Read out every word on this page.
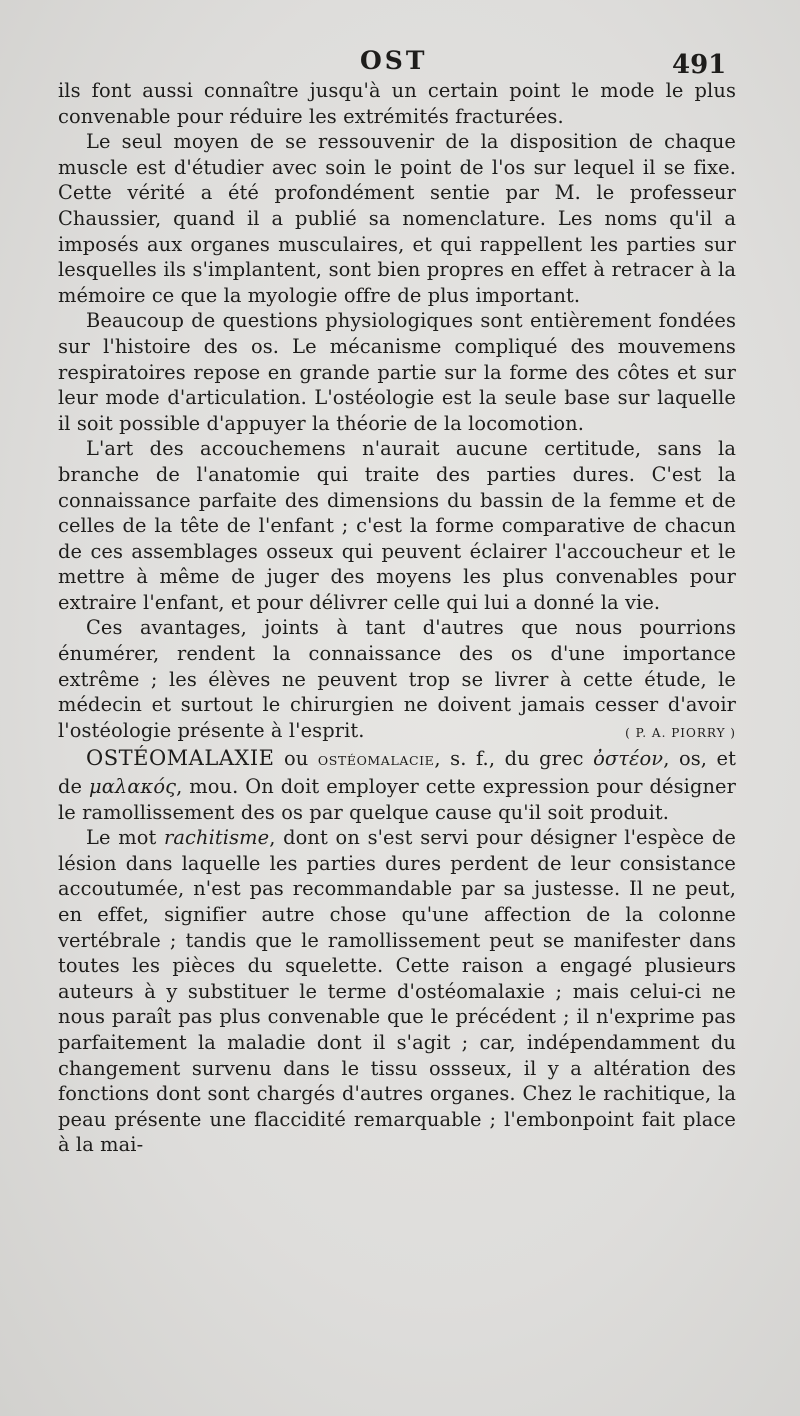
OST	491

ils font aussi connaître jusqu'à un certain point le mode le plus convenable pour réduire les extrémités fracturées.

Le seul moyen de se ressouvenir de la disposition de chaque muscle est d'étudier avec soin le point de l'os sur lequel il se fixe. Cette vérité a été profondément sentie par M. le professeur Chaussier, quand il a publié sa nomenclature. Les noms qu'il a imposés aux organes musculaires, et qui rappellent les parties sur lesquelles ils s'implantent, sont bien propres en effet à retracer à la mémoire ce que la myologie offre de plus important.

Beaucoup de questions physiologiques sont entièrement fondées sur l'histoire des os. Le mécanisme compliqué des mouvemens respiratoires repose en grande partie sur la forme des côtes et sur leur mode d'articulation. L'ostéologie est la seule base sur laquelle il soit possible d'appuyer la théorie de la locomotion.

L'art des accouchemens n'aurait aucune certitude, sans la branche de l'anatomie qui traite des parties dures. C'est la connaissance parfaite des dimensions du bassin de la femme et de celles de la tête de l'enfant ; c'est la forme comparative de chacun de ces assemblages osseux qui peuvent éclairer l'accoucheur et le mettre à même de juger des moyens les plus convenables pour extraire l'enfant, et pour délivrer celle qui lui a donné la vie.

Ces avantages, joints à tant d'autres que nous pourrions énumérer, rendent la connaissance des os d'une importance extrême ; les élèves ne peuvent trop se livrer à cette étude, le médecin et surtout le chirurgien ne doivent jamais cesser d'avoir l'ostéologie présente à l'esprit.	( P. A. PIORRY )

OSTÉOMALAXIE ou OSTÉOMALACIE, s. f., du grec ὀστέον, os, et de μαλακός, mou. On doit employer cette expression pour désigner le ramollissement des os par quelque cause qu'il soit produit.

Le mot rachitisme, dont on s'est servi pour désigner l'espèce de lésion dans laquelle les parties dures perdent de leur consistance accoutumée, n'est pas recommandable par sa justesse. Il ne peut, en effet, signifier autre chose qu'une affection de la colonne vertébrale ; tandis que le ramollissement peut se manifester dans toutes les pièces du squelette. Cette raison a engagé plusieurs auteurs à y substituer le terme d'ostéomalaxie ; mais celui-ci ne nous paraît pas plus convenable que le précédent ; il n'exprime pas parfaitement la maladie dont il s'agit ; car, indépendamment du changement survenu dans le tissu ossseux, il y a altération des fonctions dont sont chargés d'autres organes. Chez le rachitique, la peau présente une flaccidité remarquable ; l'embonpoint fait place à la mai-
